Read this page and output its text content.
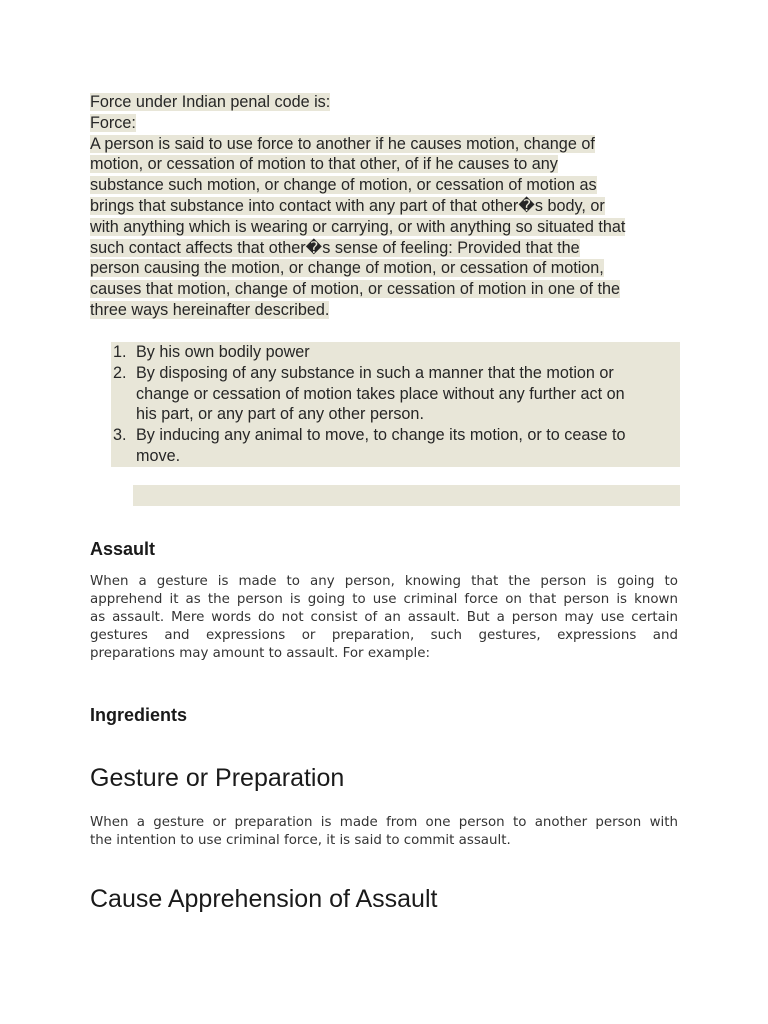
Force under Indian penal code is:
Force:
A person is said to use force to another if he causes motion, change of
motion, or cessation of motion to that other, of if he causes to any
substance such motion, or change of motion, or cessation of motion as
brings that substance into contact with any part of that other�s body, or
with anything which is wearing or carrying, or with anything so situated that
such contact affects that other�s sense of feeling: Provided that the
person causing the motion, or change of motion, or cessation of motion,
causes that motion, change of motion, or cessation of motion in one of the
three ways hereinafter described.
1. By his own bodily power
2. By disposing of any substance in such a manner that the motion or
change or cessation of motion takes place without any further act on
his part, or any part of any other person.
3. By inducing any animal to move, to change its motion, or to cease to
move.
Assault

When a gesture is made to any person, knowing that the person is going to
apprehend it as the person is going to use criminal force on that person is known
as assault. Mere words do not consist of an assault. But a person may use certain
gestures and expressions or preparation, such gestures, expressions and
preparations may amount to assault. For example:

Ingredients
Gesture or Preparation

When a gesture or preparation is made from one person to another person with
the intention to use criminal force, it is said to commit assault.

Cause Apprehension of Assault
